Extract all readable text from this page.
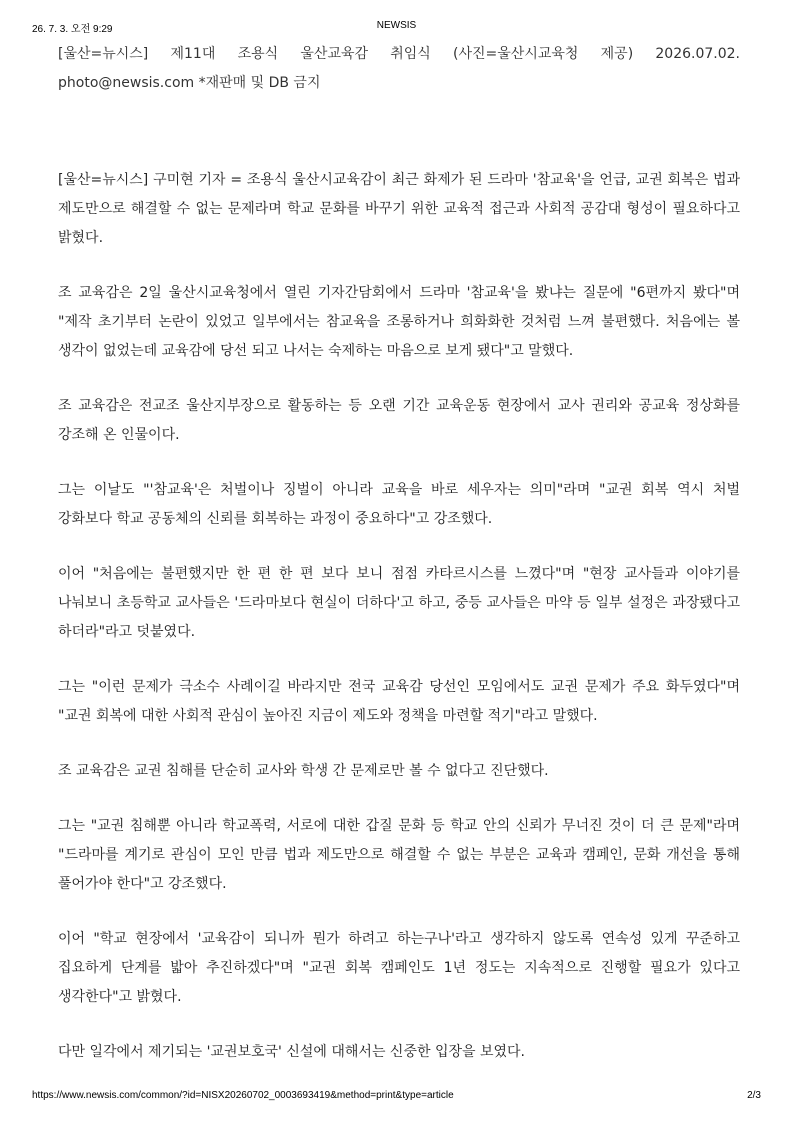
26. 7. 3. 오전 9:29	NEWSIS
[울산=뉴시스] 제11대 조용식 울산교육감 취임식 (사진=울산시교육청 제공) 2026.07.02.
photo@newsis.com *재판매 및 DB 금지

[울산=뉴시스] 구미현 기자 = 조용식 울산시교육감이 최근 화제가 된 드라마 '참교육'을 언급, 교권 회복은 법과 제도만으로 해결할 수 없는 문제라며 학교 문화를 바꾸기 위한 교육적 접근과 사회적 공감대 형성이 필요하다고 밝혔다.

조 교육감은 2일 울산시교육청에서 열린 기자간담회에서 드라마 '참교육'을 봤냐는 질문에 "6편까지 봤다"며 "제작 초기부터 논란이 있었고 일부에서는 참교육을 조롱하거나 희화화한 것처럼 느껴 불편했다. 처음에는 볼 생각이 없었는데 교육감에 당선 되고 나서는 숙제하는 마음으로 보게 됐다"고 말했다.

조 교육감은 전교조 울산지부장으로 활동하는 등 오랜 기간 교육운동 현장에서 교사 권리와 공교육 정상화를 강조해 온 인물이다.

그는 이날도 "'참교육'은 처벌이나 징벌이 아니라 교육을 바로 세우자는 의미"라며 "교권 회복 역시 처벌 강화보다 학교 공동체의 신뢰를 회복하는 과정이 중요하다"고 강조했다.

이어 "처음에는 불편했지만 한 편 한 편 보다 보니 점점 카타르시스를 느꼈다"며 "현장 교사들과 이야기를 나눠보니 초등학교 교사들은 '드라마보다 현실이 더하다'고 하고, 중등 교사들은 마약 등 일부 설정은 과장됐다고 하더라"라고 덧붙였다.

그는 "이런 문제가 극소수 사례이길 바라지만 전국 교육감 당선인 모임에서도 교권 문제가 주요 화두였다"며 "교권 회복에 대한 사회적 관심이 높아진 지금이 제도와 정책을 마련할 적기"라고 말했다.

조 교육감은 교권 침해를 단순히 교사와 학생 간 문제로만 볼 수 없다고 진단했다.

그는 "교권 침해뿐 아니라 학교폭력, 서로에 대한 갑질 문화 등 학교 안의 신뢰가 무너진 것이 더 큰 문제"라며 "드라마를 계기로 관심이 모인 만큼 법과 제도만으로 해결할 수 없는 부분은 교육과 캠페인, 문화 개선을 통해 풀어가야 한다"고 강조했다.

이어 "학교 현장에서 '교육감이 되니까 뭔가 하려고 하는구나'라고 생각하지 않도록 연속성 있게 꾸준하고 집요하게 단계를 밟아 추진하겠다"며 "교권 회복 캠페인도 1년 정도는 지속적으로 진행할 필요가 있다고 생각한다"고 밝혔다.

다만 일각에서 제기되는 '교권보호국' 신설에 대해서는 신중한 입장을 보였다.

https://www.newsis.com/common/?id=NISX20260702_0003693419&method=print&type=article	2/3
